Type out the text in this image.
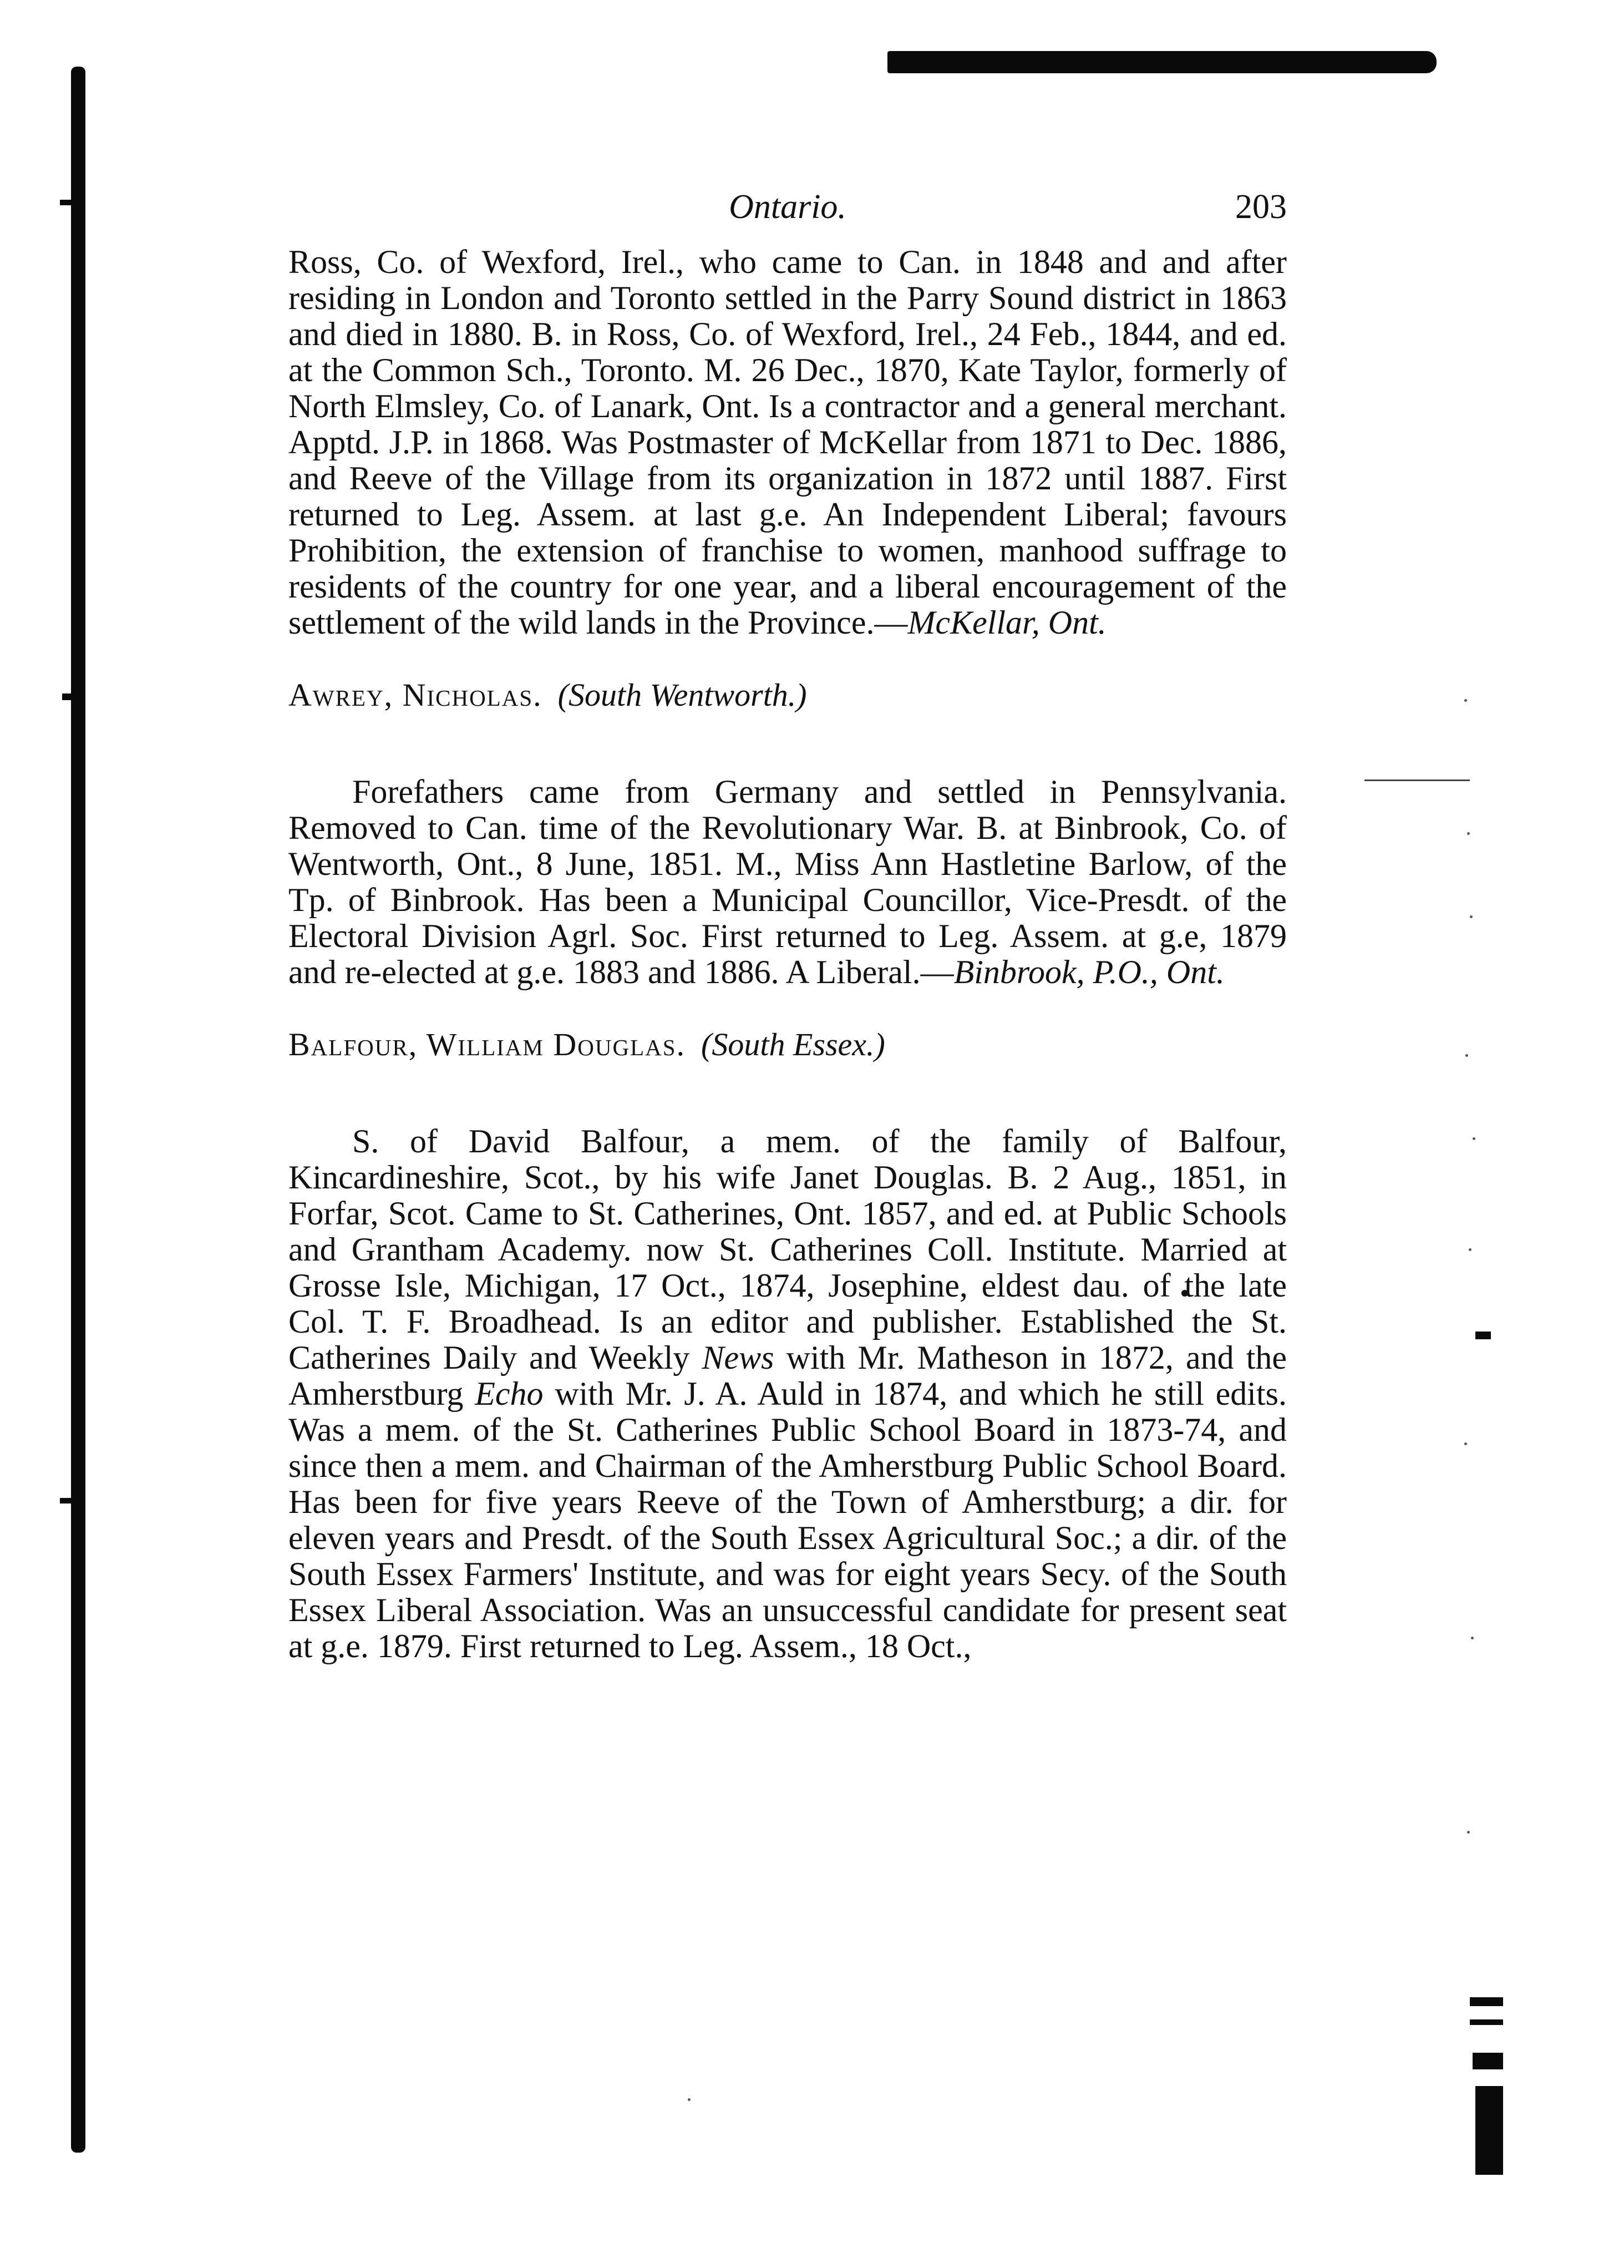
Ontario.	203

Ross, Co. of Wexford, Irel., who came to Can. in 1848 and and after residing in London and Toronto settled in the Parry Sound district in 1863 and died in 1880. B. in Ross, Co. of Wexford, Irel., 24 Feb., 1844, and ed. at the Common Sch., Toronto. M. 26 Dec., 1870, Kate Taylor, formerly of North Elmsley, Co. of Lanark, Ont. Is a contractor and a general merchant. Apptd. J.P. in 1868. Was Postmaster of McKellar from 1871 to Dec. 1886, and Reeve of the Village from its organization in 1872 until 1887. First returned to Leg. Assem. at last g.e. An Independent Liberal; favours Prohibition, the extension of franchise to women, manhood suffrage to residents of the country for one year, and a liberal encouragement of the settlement of the wild lands in the Province.—McKellar, Ont.

Awrey, Nicholas. (South Wentworth.)

Forefathers came from Germany and settled in Pennsylvania. Removed to Can. time of the Revolutionary War. B. at Binbrook, Co. of Wentworth, Ont., 8 June, 1851. M., Miss Ann Hastletine Barlow, of the Tp. of Binbrook. Has been a Municipal Councillor, Vice-Presdt. of the Electoral Division Agrl. Soc. First returned to Leg. Assem. at g.e, 1879 and re-elected at g.e. 1883 and 1886. A Liberal.—Binbrook, P.O., Ont.

Balfour, William Douglas. (South Essex.)

S. of David Balfour, a mem. of the family of Balfour, Kincardineshire, Scot., by his wife Janet Douglas. B. 2 Aug., 1851, in Forfar, Scot. Came to St. Catherines, Ont. 1857, and ed. at Public Schools and Grantham Academy. now St. Catherines Coll. Institute. Married at Grosse Isle, Michigan, 17 Oct., 1874, Josephine, eldest dau. of the late Col. T. F. Broadhead. Is an editor and publisher. Established the St. Catherines Daily and Weekly News with Mr. Matheson in 1872, and the Amherstburg Echo with Mr. J. A. Auld in 1874, and which he still edits. Was a mem. of the St. Catherines Public School Board in 1873-74, and since then a mem. and Chairman of the Amherstburg Public School Board. Has been for five years Reeve of the Town of Amherstburg; a dir. for eleven years and Presdt. of the South Essex Agricultural Soc.; a dir. of the South Essex Farmers' Institute, and was for eight years Secy. of the South Essex Liberal Association. Was an unsuccessful candidate for present seat at g.e. 1879. First returned to Leg. Assem., 18 Oct.,
